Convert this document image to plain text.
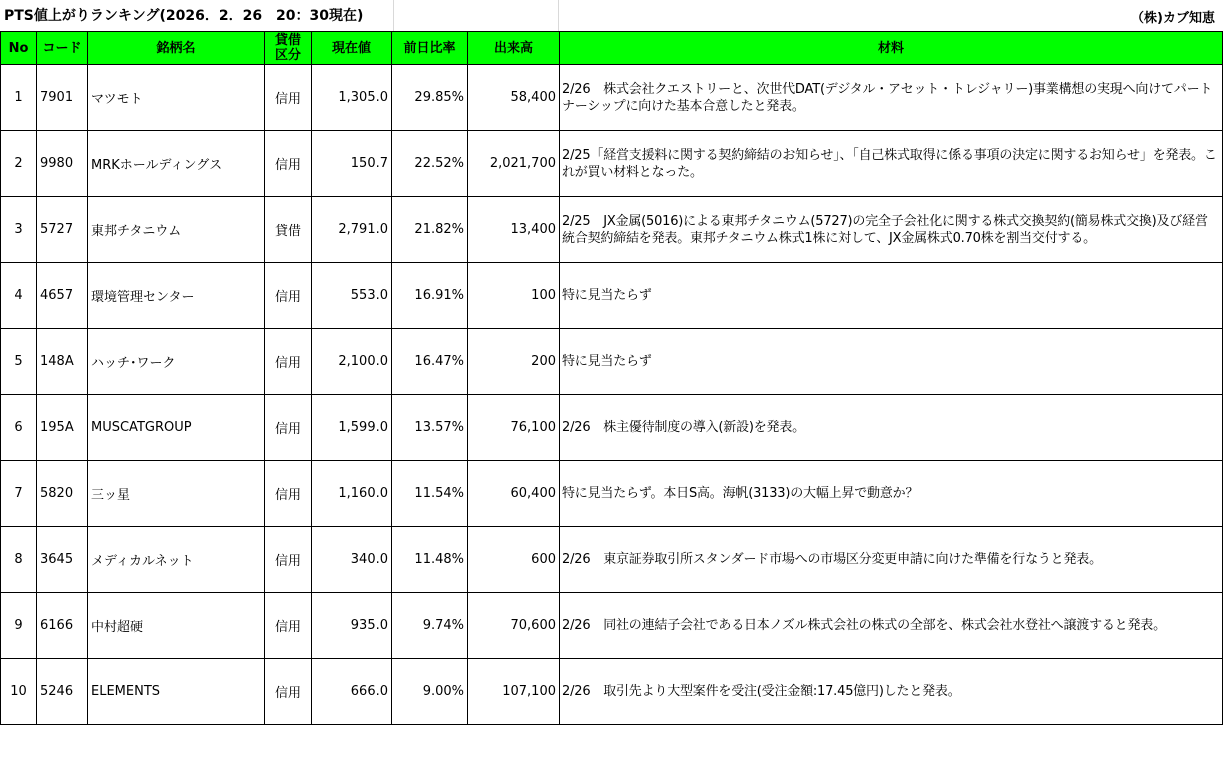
PTS値上がりランキング(2026．2．26　20：30現在)	（株)カブ知恵
No	コード	銘柄名	貸借区分	現在値	前日比率	出来高	材料
1	7901	マツモト	信用	1,305.0	29.85%	58,400	2/26　株式会社クエストリーと、次世代DAT(デジタル・アセット・トレジャリー)事業構想の実現へ向けてパートナーシップに向けた基本合意したと発表。
2	9980	MRKホールディングス	信用	150.7	22.52%	2,021,700	2/25「経営支援料に関する契約締結のお知らせ」、「自己株式取得に係る事項の決定に関するお知らせ」を発表。これが買い材料となった。
3	5727	東邦チタニウム	貸借	2,791.0	21.82%	13,400	2/25　JX金属(5016)による東邦チタニウム(5727)の完全子会社化に関する株式交換契約(簡易株式交換)及び経営統合契約締結を発表。東邦チタニウム株式1株に対して、JX金属株式0.70株を割当交付する。
4	4657	環境管理センター	信用	553.0	16.91%	100	特に見当たらず
5	148A	ハッチ･ワーク	信用	2,100.0	16.47%	200	特に見当たらず
6	195A	MUSCATGROUP	信用	1,599.0	13.57%	76,100	2/26　株主優待制度の導入(新設)を発表。
7	5820	三ッ星	信用	1,160.0	11.54%	60,400	特に見当たらず。本日S高。海帆(3133)の大幅上昇で動意か？
8	3645	メディカルネット	信用	340.0	11.48%	600	2/26　東京証券取引所スタンダード市場への市場区分変更申請に向けた準備を行なうと発表。
9	6166	中村超硬	信用	935.0	9.74%	70,600	2/26　同社の連結子会社である日本ノズル株式会社の株式の全部を、株式会社水登社へ譲渡すると発表。
10	5246	ELEMENTS	信用	666.0	9.00%	107,100	2/26　取引先より大型案件を受注(受注金額:17.45億円)したと発表。
